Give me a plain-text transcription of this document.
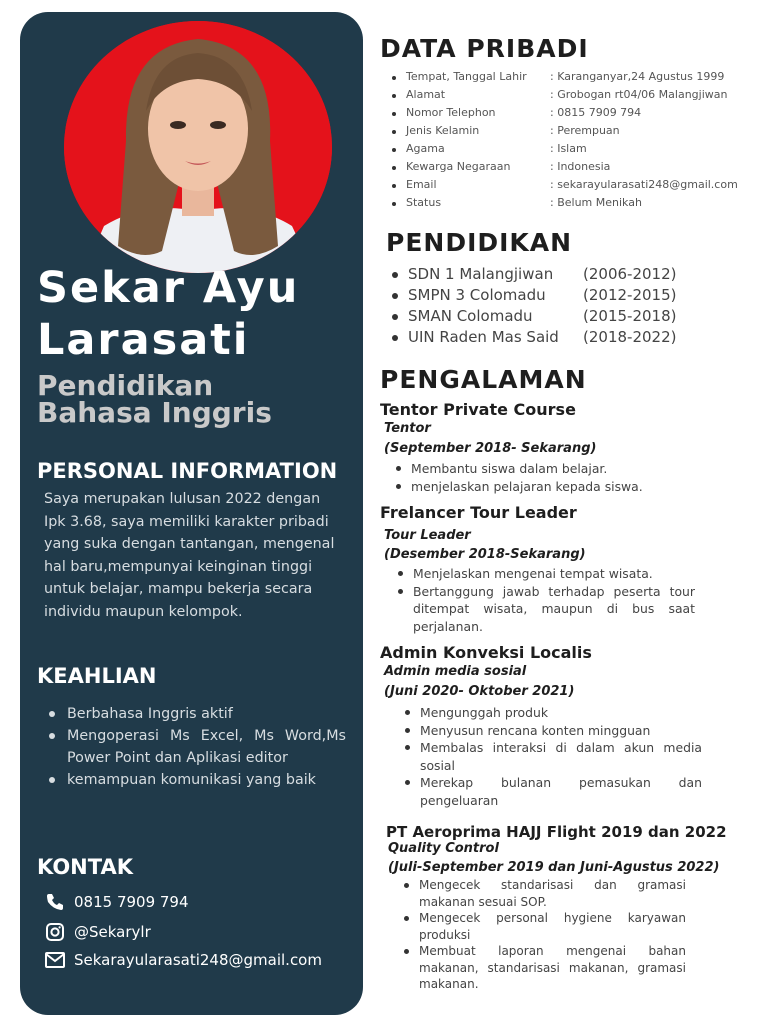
Sekar Ayu
Larasati
Pendidikan
Bahasa Inggris
PERSONAL INFORMATION
Saya merupakan lulusan 2022 dengan Ipk 3.68, saya memiliki karakter pribadi yang suka dengan tantangan, mengenal hal baru,mempunyai keinginan tinggi untuk belajar, mampu bekerja secara individu maupun kelompok.
KEAHLIAN
Berbahasa Inggris aktif
Mengoperasi Ms Excel, Ms Word,Ms Power Point dan Aplikasi editor
kemampuan komunikasi yang baik
KONTAK
0815 7909 794
@Sekarylr
Sekarayularasati248@gmail.com
DATA PRIBADI
Tempat, Tanggal Lahir	: Karanganyar,24 Agustus 1999
Alamat	: Grobogan rt04/06 Malangjiwan
Nomor Telephon	: 0815 7909 794
Jenis Kelamin	: Perempuan
Agama	: Islam
Kewarga Negaraan	: Indonesia
Email	: sekarayularasati248@gmail.com
Status	: Belum Menikah
PENDIDIKAN
SDN 1 Malangjiwan (2006-2012)
SMPN 3 Colomadu (2012-2015)
SMAN Colomadu	(2015-2018)
UIN Raden Mas Said (2018-2022)
PENGALAMAN
Tentor Private Course
Tentor
(September 2018- Sekarang)
Membantu siswa dalam belajar.
menjelaskan pelajaran kepada siswa.
Frelancer Tour Leader
Tour Leader
(Desember 2018-Sekarang)
Menjelaskan mengenai tempat wisata.
Bertanggung jawab terhadap peserta tour ditempat wisata, maupun di bus saat perjalanan.
Admin Konveksi Localis
Admin media sosial
(Juni 2020- Oktober 2021)
Mengunggah produk
Menyusun rencana konten mingguan
Membalas interaksi di dalam akun media sosial
Merekap bulanan pemasukan dan pengeluaran
PT Aeroprima HAJJ Flight 2019 dan 2022
Quality Control
(Juli-September 2019 dan Juni-Agustus 2022)
Mengecek standarisasi dan gramasi makanan sesuai SOP.
Mengecek personal hygiene karyawan produksi
Membuat laporan mengenai bahan makanan, standarisasi makanan, gramasi makanan.
